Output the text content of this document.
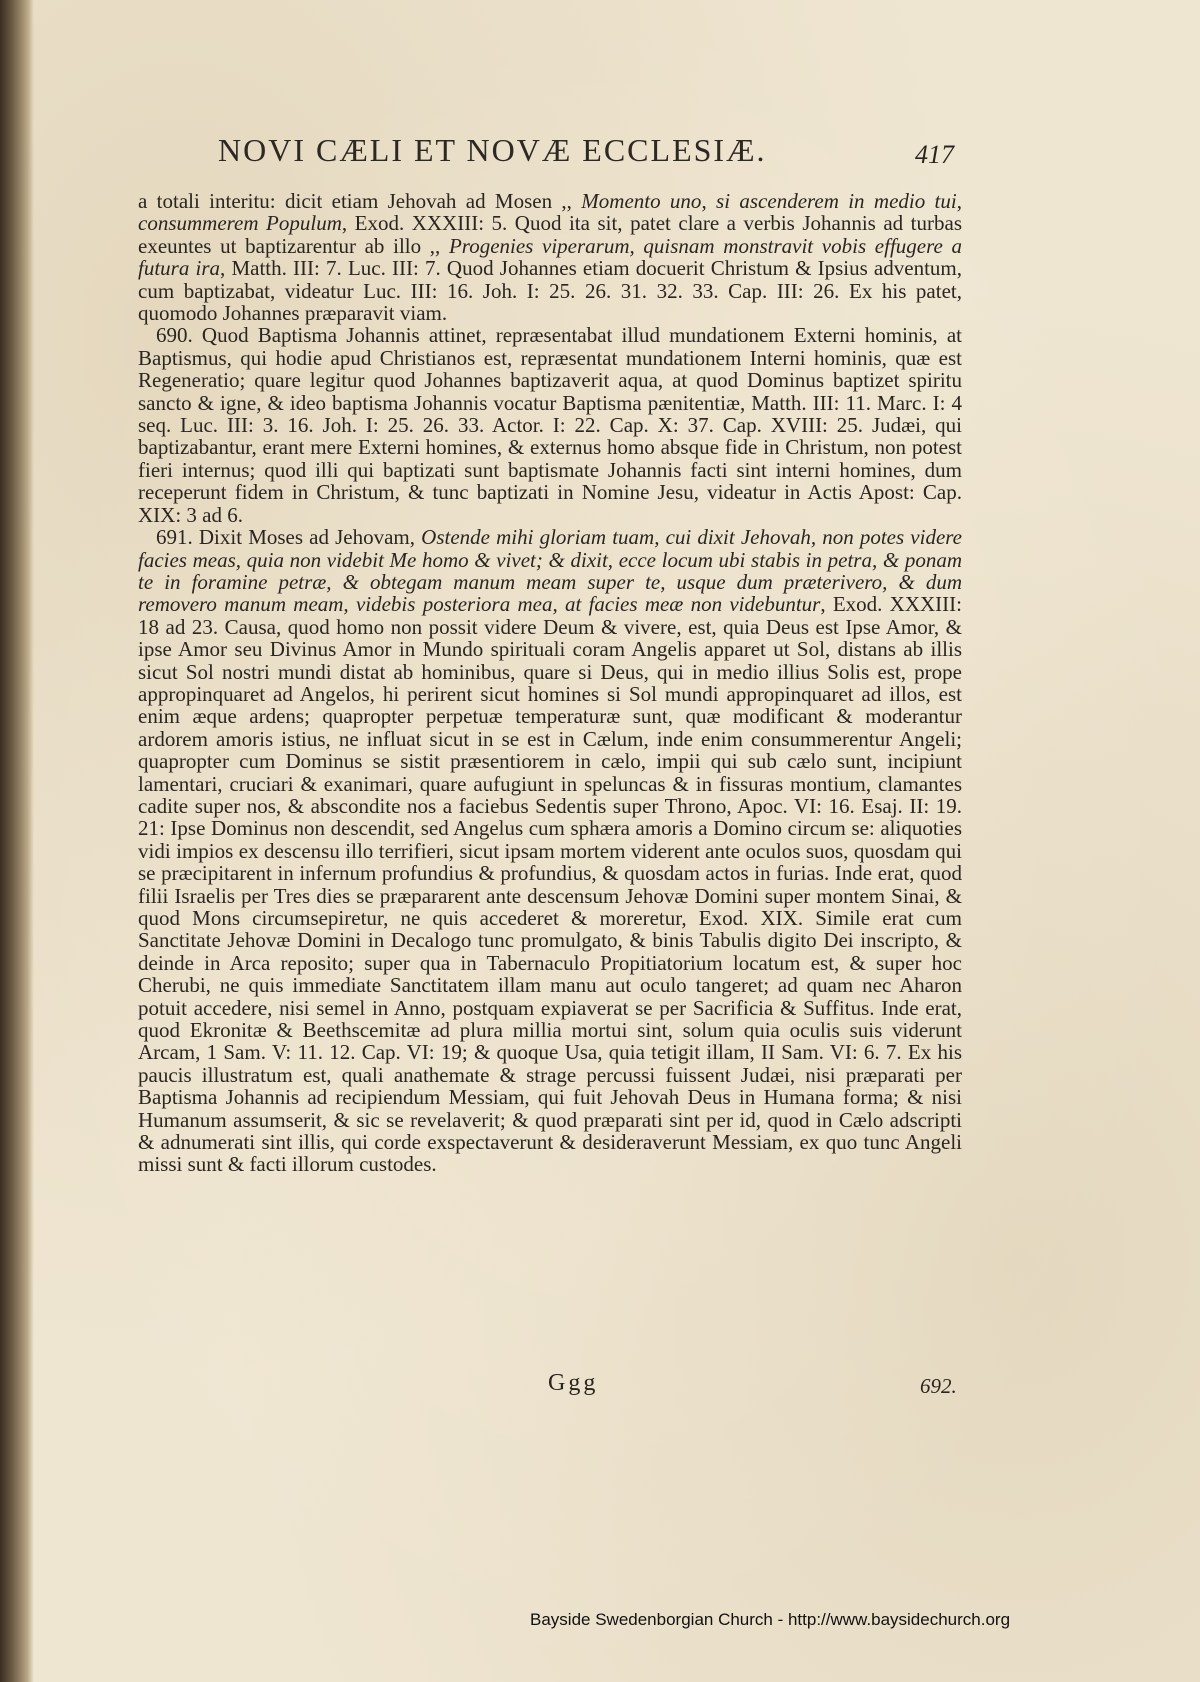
NOVI CÆLI ET NOVÆ ECCLESIÆ.	417

a totali interitu: dicit etiam Jehovah ad Mosen ,, Momento uno, si ascenderem in medio tui, consummerem Populum, Exod. XXXIII: 5. Quod ita sit, patet clare a verbis Johannis ad turbas exeuntes ut baptizarentur ab illo ,, Progenies viperarum, quisnam monstravit vobis effugere a futura ira, Matth. III: 7. Luc. III: 7. Quod Johannes etiam docuerit Christum & Ipsius adventum, cum baptizabat, videatur Luc. III: 16. Joh. I: 25. 26. 31. 32. 33. Cap. III: 26. Ex his patet, quomodo Johannes præparavit viam.

690. Quod Baptisma Johannis attinet, repræsentabat illud mundationem Externi hominis, at Baptismus, qui hodie apud Christianos est, repræsentat mundationem Interni hominis, quæ est Regeneratio; quare legitur quod Johannes baptizaverit aqua, at quod Dominus baptizet spiritu sancto & igne, & ideo baptisma Johannis vocatur Baptisma pænitentiæ, Matth. III: 11. Marc. I: 4 seq. Luc. III: 3. 16. Joh. I: 25. 26. 33. Actor. I: 22. Cap. X: 37. Cap. XVIII: 25. Judæi, qui baptizabantur, erant mere Externi homines, & externus homo absque fide in Christum, non potest fieri internus; quod illi qui baptizati sunt baptismate Johannis facti sint interni homines, dum receperunt fidem in Christum, & tunc baptizati in Nomine Jesu, videatur in Actis Apost: Cap. XIX: 3 ad 6.

691. Dixit Moses ad Jehovam, Ostende mihi gloriam tuam, cui dixit Jehovah, non potes videre facies meas, quia non videbit Me homo & vivet; & dixit, ecce locum ubi stabis in petra, & ponam te in foramine petræ, & obtegam manum meam super te, usque dum præterivero, & dum removero manum meam, videbis posteriora mea, at facies meæ non videbuntur, Exod. XXXIII: 18 ad 23. Causa, quod homo non possit videre Deum & vivere, est, quia Deus est Ipse Amor, & ipse Amor seu Divinus Amor in Mundo spirituali coram Angelis apparet ut Sol, distans ab illis sicut Sol nostri mundi distat ab hominibus, quare si Deus, qui in medio illius Solis est, prope appropinquaret ad Angelos, hi perirent sicut homines si Sol mundi appropinquaret ad illos, est enim æque ardens; quapropter perpetuæ temperaturæ sunt, quæ modificant & moderantur ardorem amoris istius, ne influat sicut in se est in Cælum, inde enim consummerentur Angeli; quapropter cum Dominus se sistit præsentiorem in cælo, impii qui sub cælo sunt, incipiunt lamentari, cruciari & exanimari, quare aufugiunt in speluncas & in fissuras montium, clamantes cadite super nos, & abscondite nos a faciebus Sedentis super Throno, Apoc. VI: 16. Esaj. II: 19. 21: Ipse Dominus non descendit, sed Angelus cum sphæra amoris a Domino circum se: aliquoties vidi impios ex descensu illo terrifieri, sicut ipsam mortem viderent ante oculos suos, quosdam qui se præcipitarent in infernum profundius & profundius, & quosdam actos in furias. Inde erat, quod filii Israelis per Tres dies se præpararent ante descensum Jehovæ Domini super montem Sinai, & quod Mons circumsepiretur, ne quis accederet & moreretur, Exod. XIX. Simile erat cum Sanctitate Jehovæ Domini in Decalogo tunc promulgato, & binis Tabulis digito Dei inscripto, & deinde in Arca reposito; super qua in Tabernaculo Propitiatorium locatum est, & super hoc Cherubi, ne quis immediate Sanctitatem illam manu aut oculo tangeret; ad quam nec Aharon potuit accedere, nisi semel in Anno, postquam expiaverat se per Sacrificia & Suffitus. Inde erat, quod Ekronitæ & Beethscemitæ ad plura millia mortui sint, solum quia oculis suis viderunt Arcam, 1 Sam. V: 11. 12. Cap. VI: 19; & quoque Usa, quia tetigit illam, II Sam. VI: 6. 7. Ex his paucis illustratum est, quali anathemate & strage percussi fuissent Judæi, nisi præparati per Baptisma Johannis ad recipiendum Messiam, qui fuit Jehovah Deus in Humana forma; & nisi Humanum assumserit, & sic se revelaverit; & quod præparati sint per id, quod in Cælo adscripti & adnumerati sint illis, qui corde exspectaverunt & desideraverunt Messiam, ex quo tunc Angeli missi sunt & facti illorum custodes.

Ggg	692.
Bayside Swedenborgian Church - http://www.baysidechurch.org
